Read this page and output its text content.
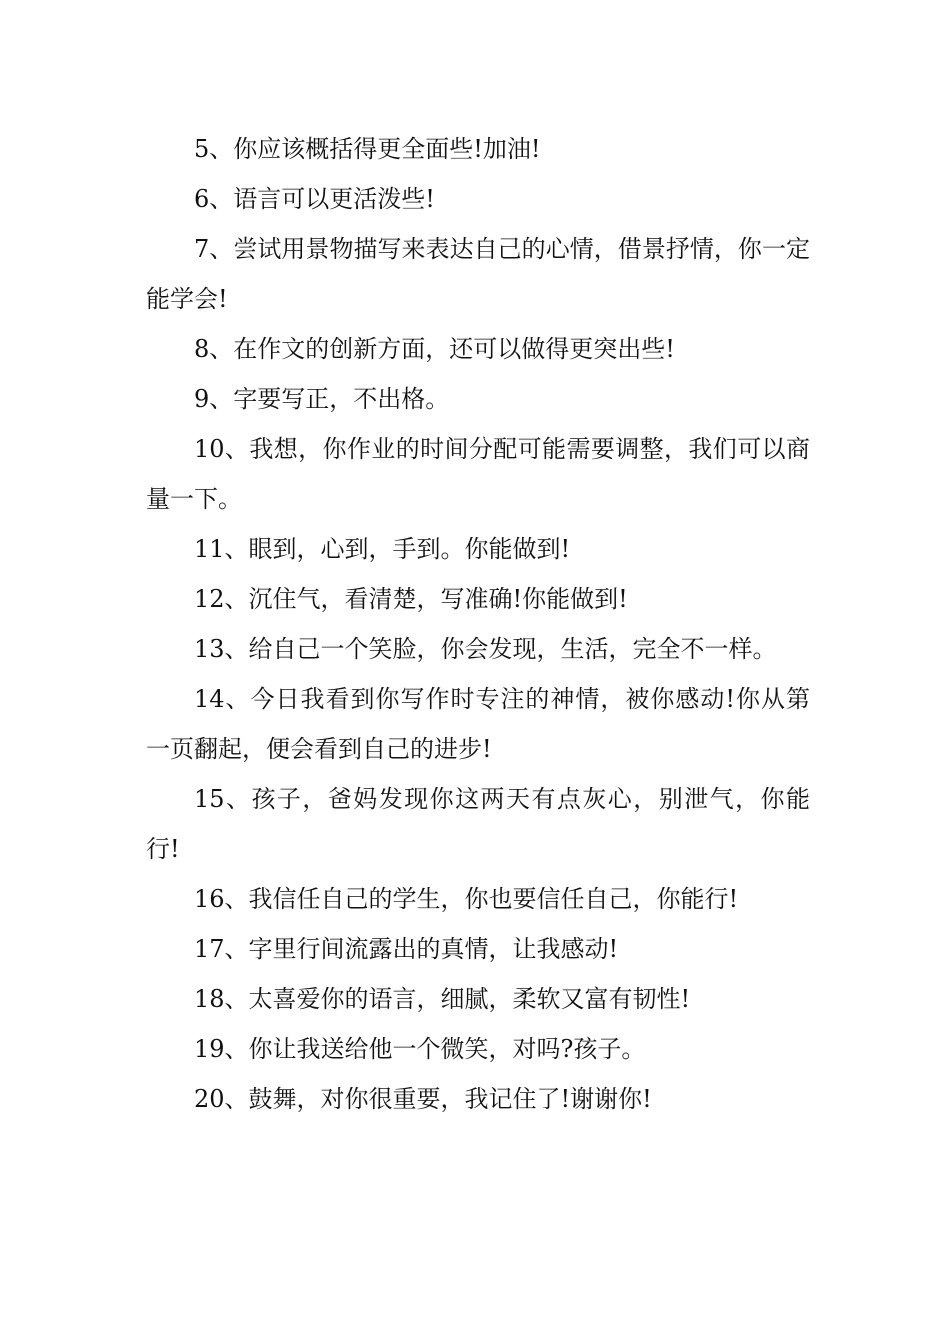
5、你应该概括得更全面些!加油!

6、语言可以更活泼些!

7、尝试用景物描写来表达自己的心情，借景抒情，你一定能学会!

8、在作文的创新方面，还可以做得更突出些!

9、字要写正，不出格。

10、我想，你作业的时间分配可能需要调整，我们可以商量一下。

11、眼到，心到，手到。你能做到!

12、沉住气，看清楚，写准确!你能做到!

13、给自己一个笑脸，你会发现，生活，完全不一样。

14、今日我看到你写作时专注的神情，被你感动!你从第一页翻起，便会看到自己的进步!

15、孩子，爸妈发现你这两天有点灰心，别泄气，你能行!

16、我信任自己的学生，你也要信任自己，你能行!

17、字里行间流露出的真情，让我感动!

18、太喜爱你的语言，细腻，柔软又富有韧性!

19、你让我送给他一个微笑，对吗?孩子。

20、鼓舞，对你很重要，我记住了!谢谢你!
